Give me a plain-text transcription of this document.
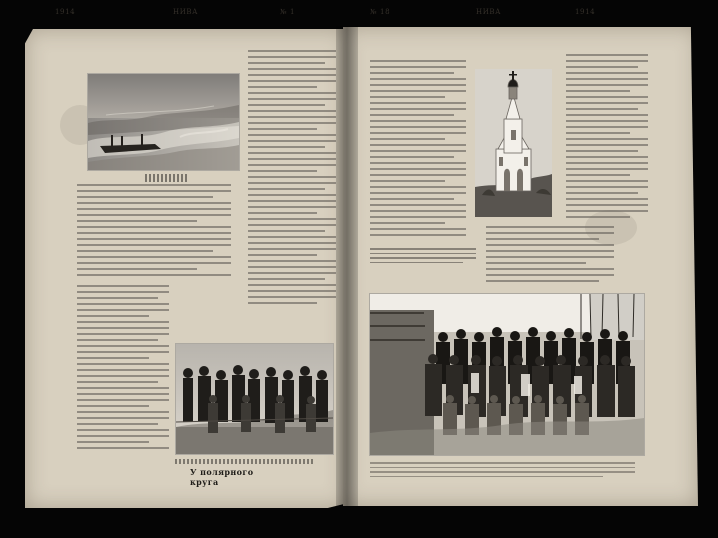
1914	НИВА	№ 1	№ 18	НИВА	1914
У полярного круга
